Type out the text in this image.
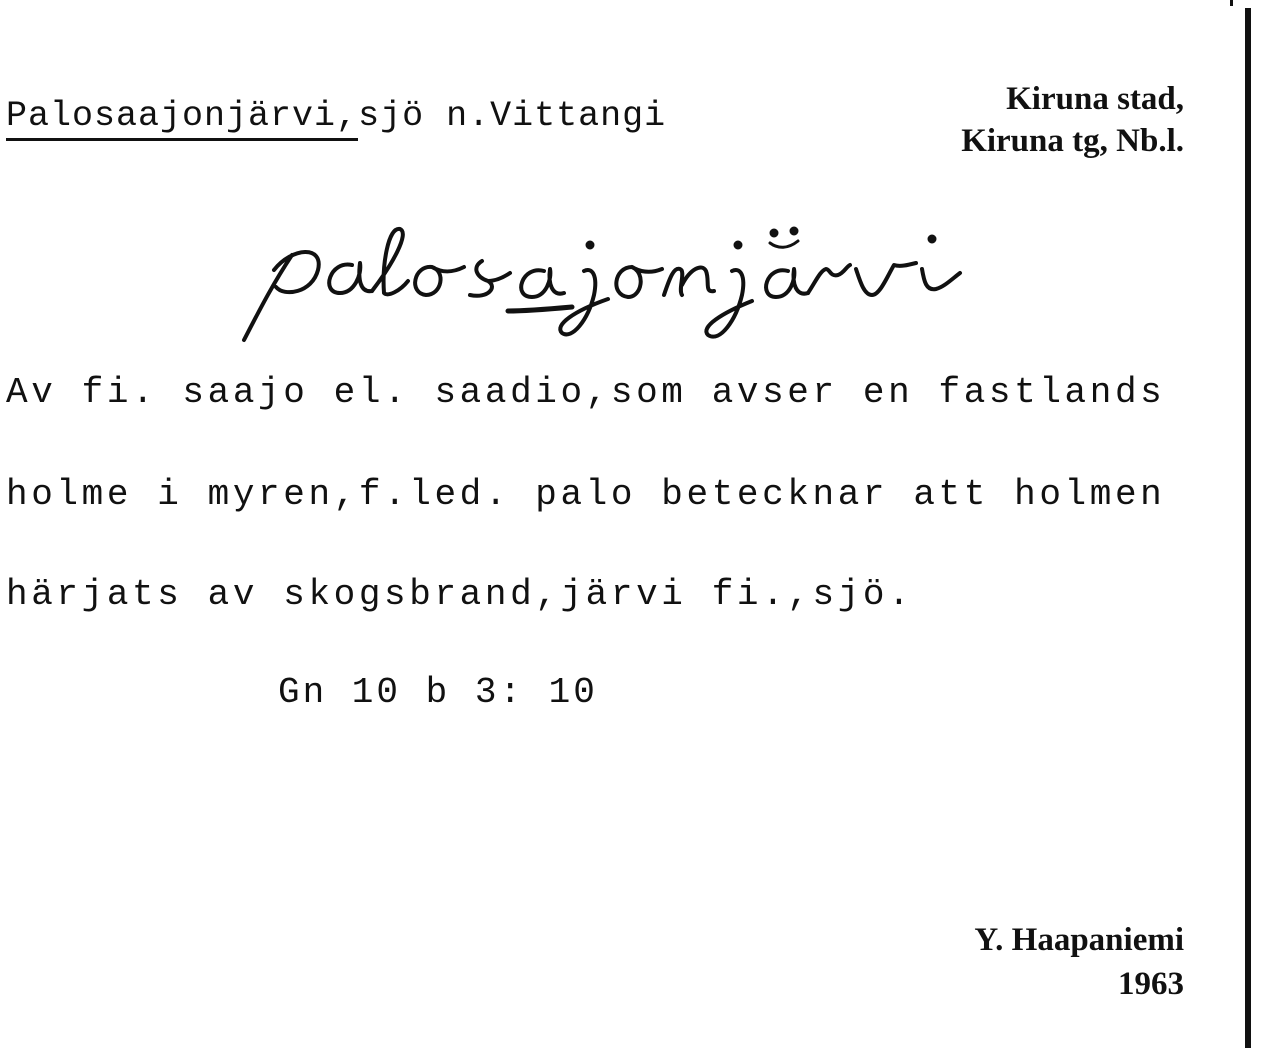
Palosaajonjärvi,sjö n.Vittangi	Kiruna stad,
Kiruna tg, Nb.l.
Av fi. saajo el. saadio,som avser en fastlands
holme i myren,f.led. palo betecknar att holmen
härjats av skogsbrand,järvi fi.,sjö.
Gn 10 b 3: 10
Y. Haapaniemi
1963
